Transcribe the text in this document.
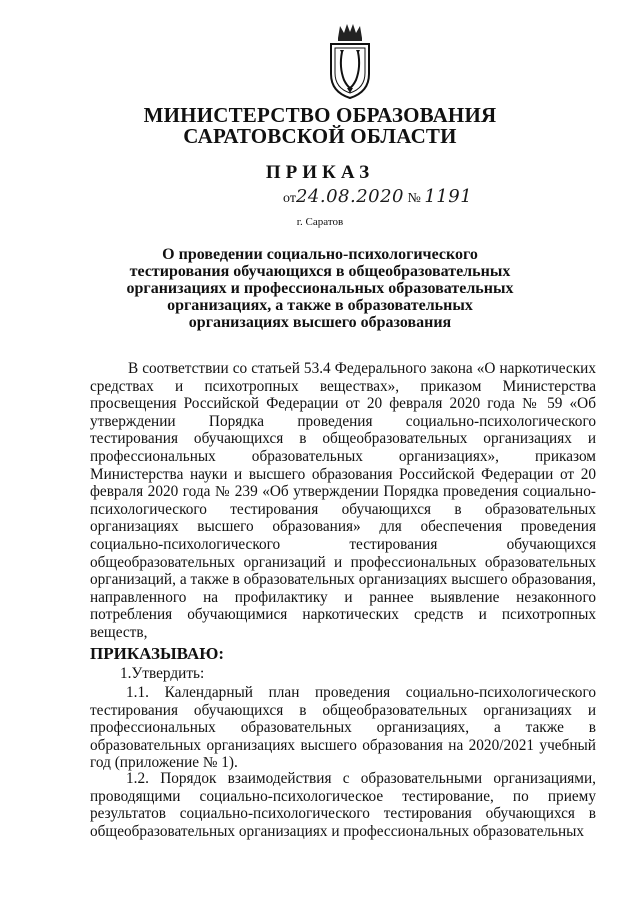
МИНИСТЕРСТВО ОБРАЗОВАНИЯ
САРАТОВСКОЙ ОБЛАСТИ
ПРИКАЗ
от24.08.2020 № 1191
г. Саратов
О проведении социально-психологического тестирования обучающихся в общеобразовательных организациях и профессиональных образовательных организациях, а также в образовательных организациях высшего образования
В соответствии со статьей 53.4 Федерального закона «О наркотических средствах и психотропных веществах», приказом Министерства просвещения Российской Федерации от 20 февраля 2020 года № 59 «Об утверждении Порядка проведения социально-психологического тестирования обучающихся в общеобразовательных организациях и профессиональных образовательных организациях», приказом Министерства науки и высшего образования Российской Федерации от 20 февраля 2020 года № 239 «Об утверждении Порядка проведения социально-психологического тестирования обучающихся в образовательных организациях высшего образования» для обеспечения проведения социально-психологического тестирования обучающихся общеобразовательных организаций и профессиональных образовательных организаций, а также в образовательных организациях высшего образования, направленного на профилактику и раннее выявление незаконного потребления обучающимися наркотических средств и психотропных веществ,
ПРИКАЗЫВАЮ:
1.Утвердить:
1.1. Календарный план проведения социально-психологического тестирования обучающихся в общеобразовательных организациях и профессиональных образовательных организациях, а также в образовательных организациях высшего образования на 2020/2021 учебный год (приложение № 1).
1.2. Порядок взаимодействия с образовательными организациями, проводящими социально-психологическое тестирование, по приему результатов социально-психологического тестирования обучающихся в общеобразовательных организациях и профессиональных образовательных
